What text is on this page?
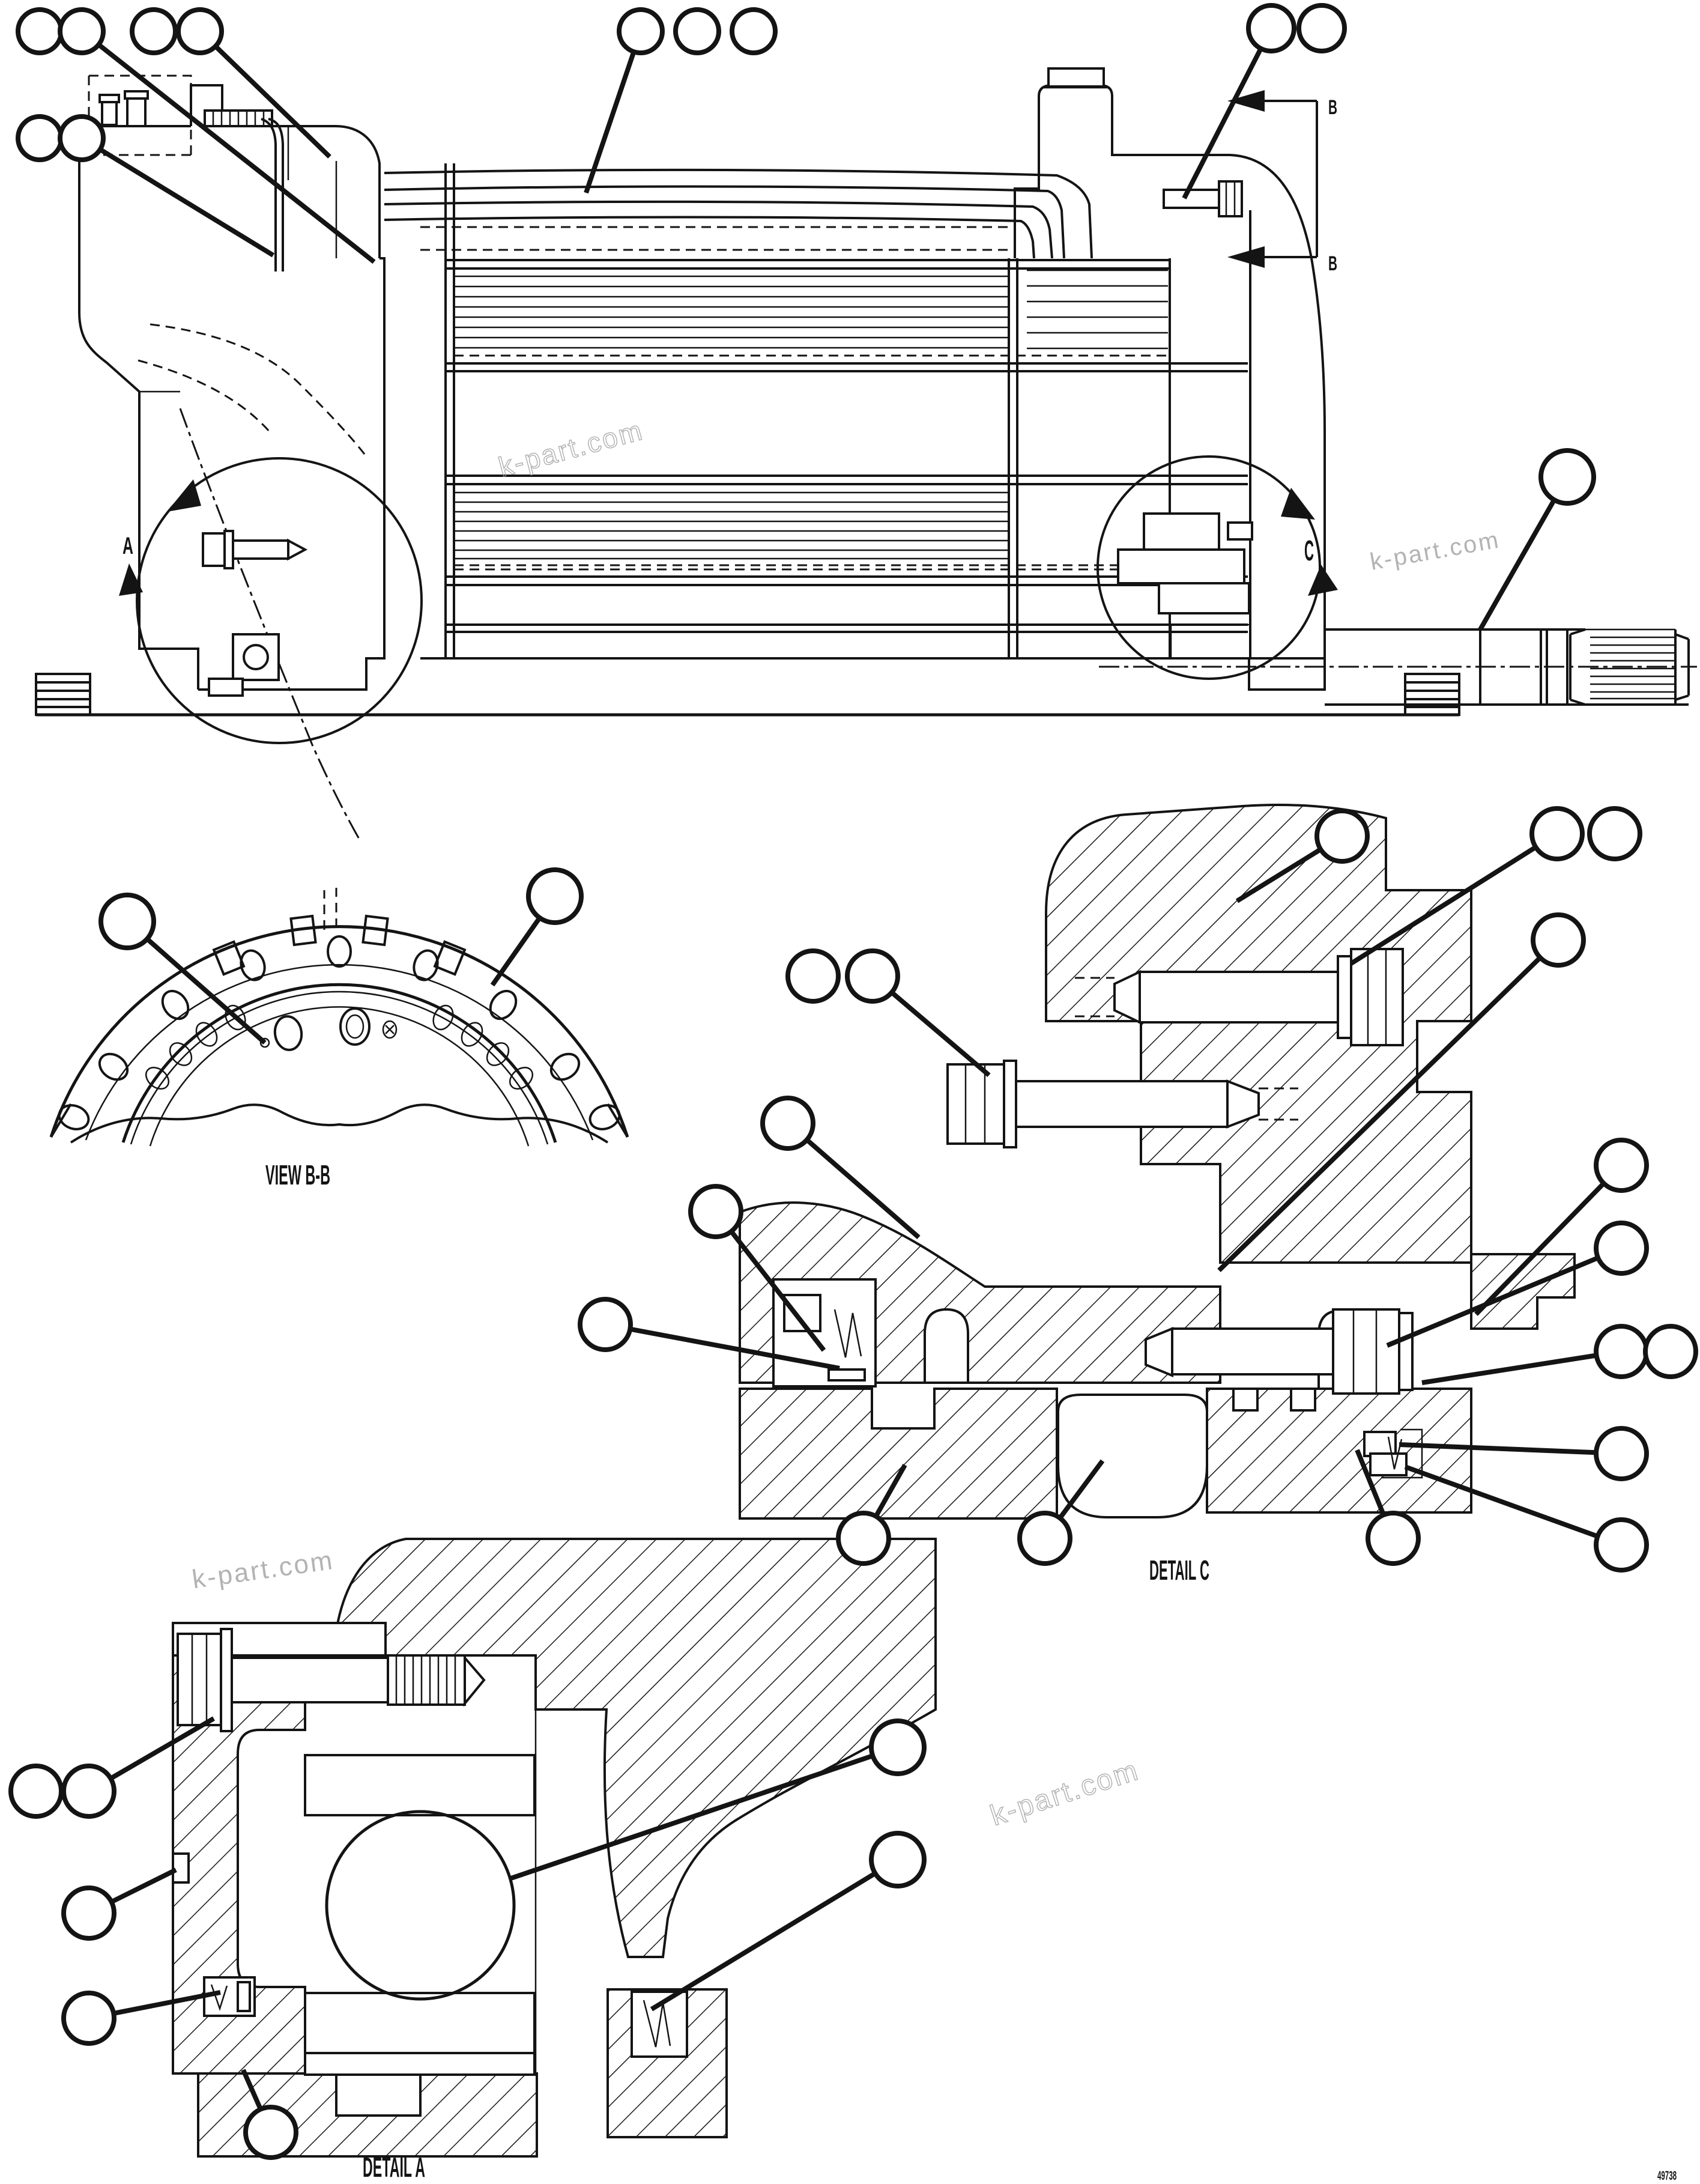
A
B
B
C
VIEW B-B
DETAIL C
DETAIL A	49738
k-part.com
k-part.com
k-part.com
k-part.com
